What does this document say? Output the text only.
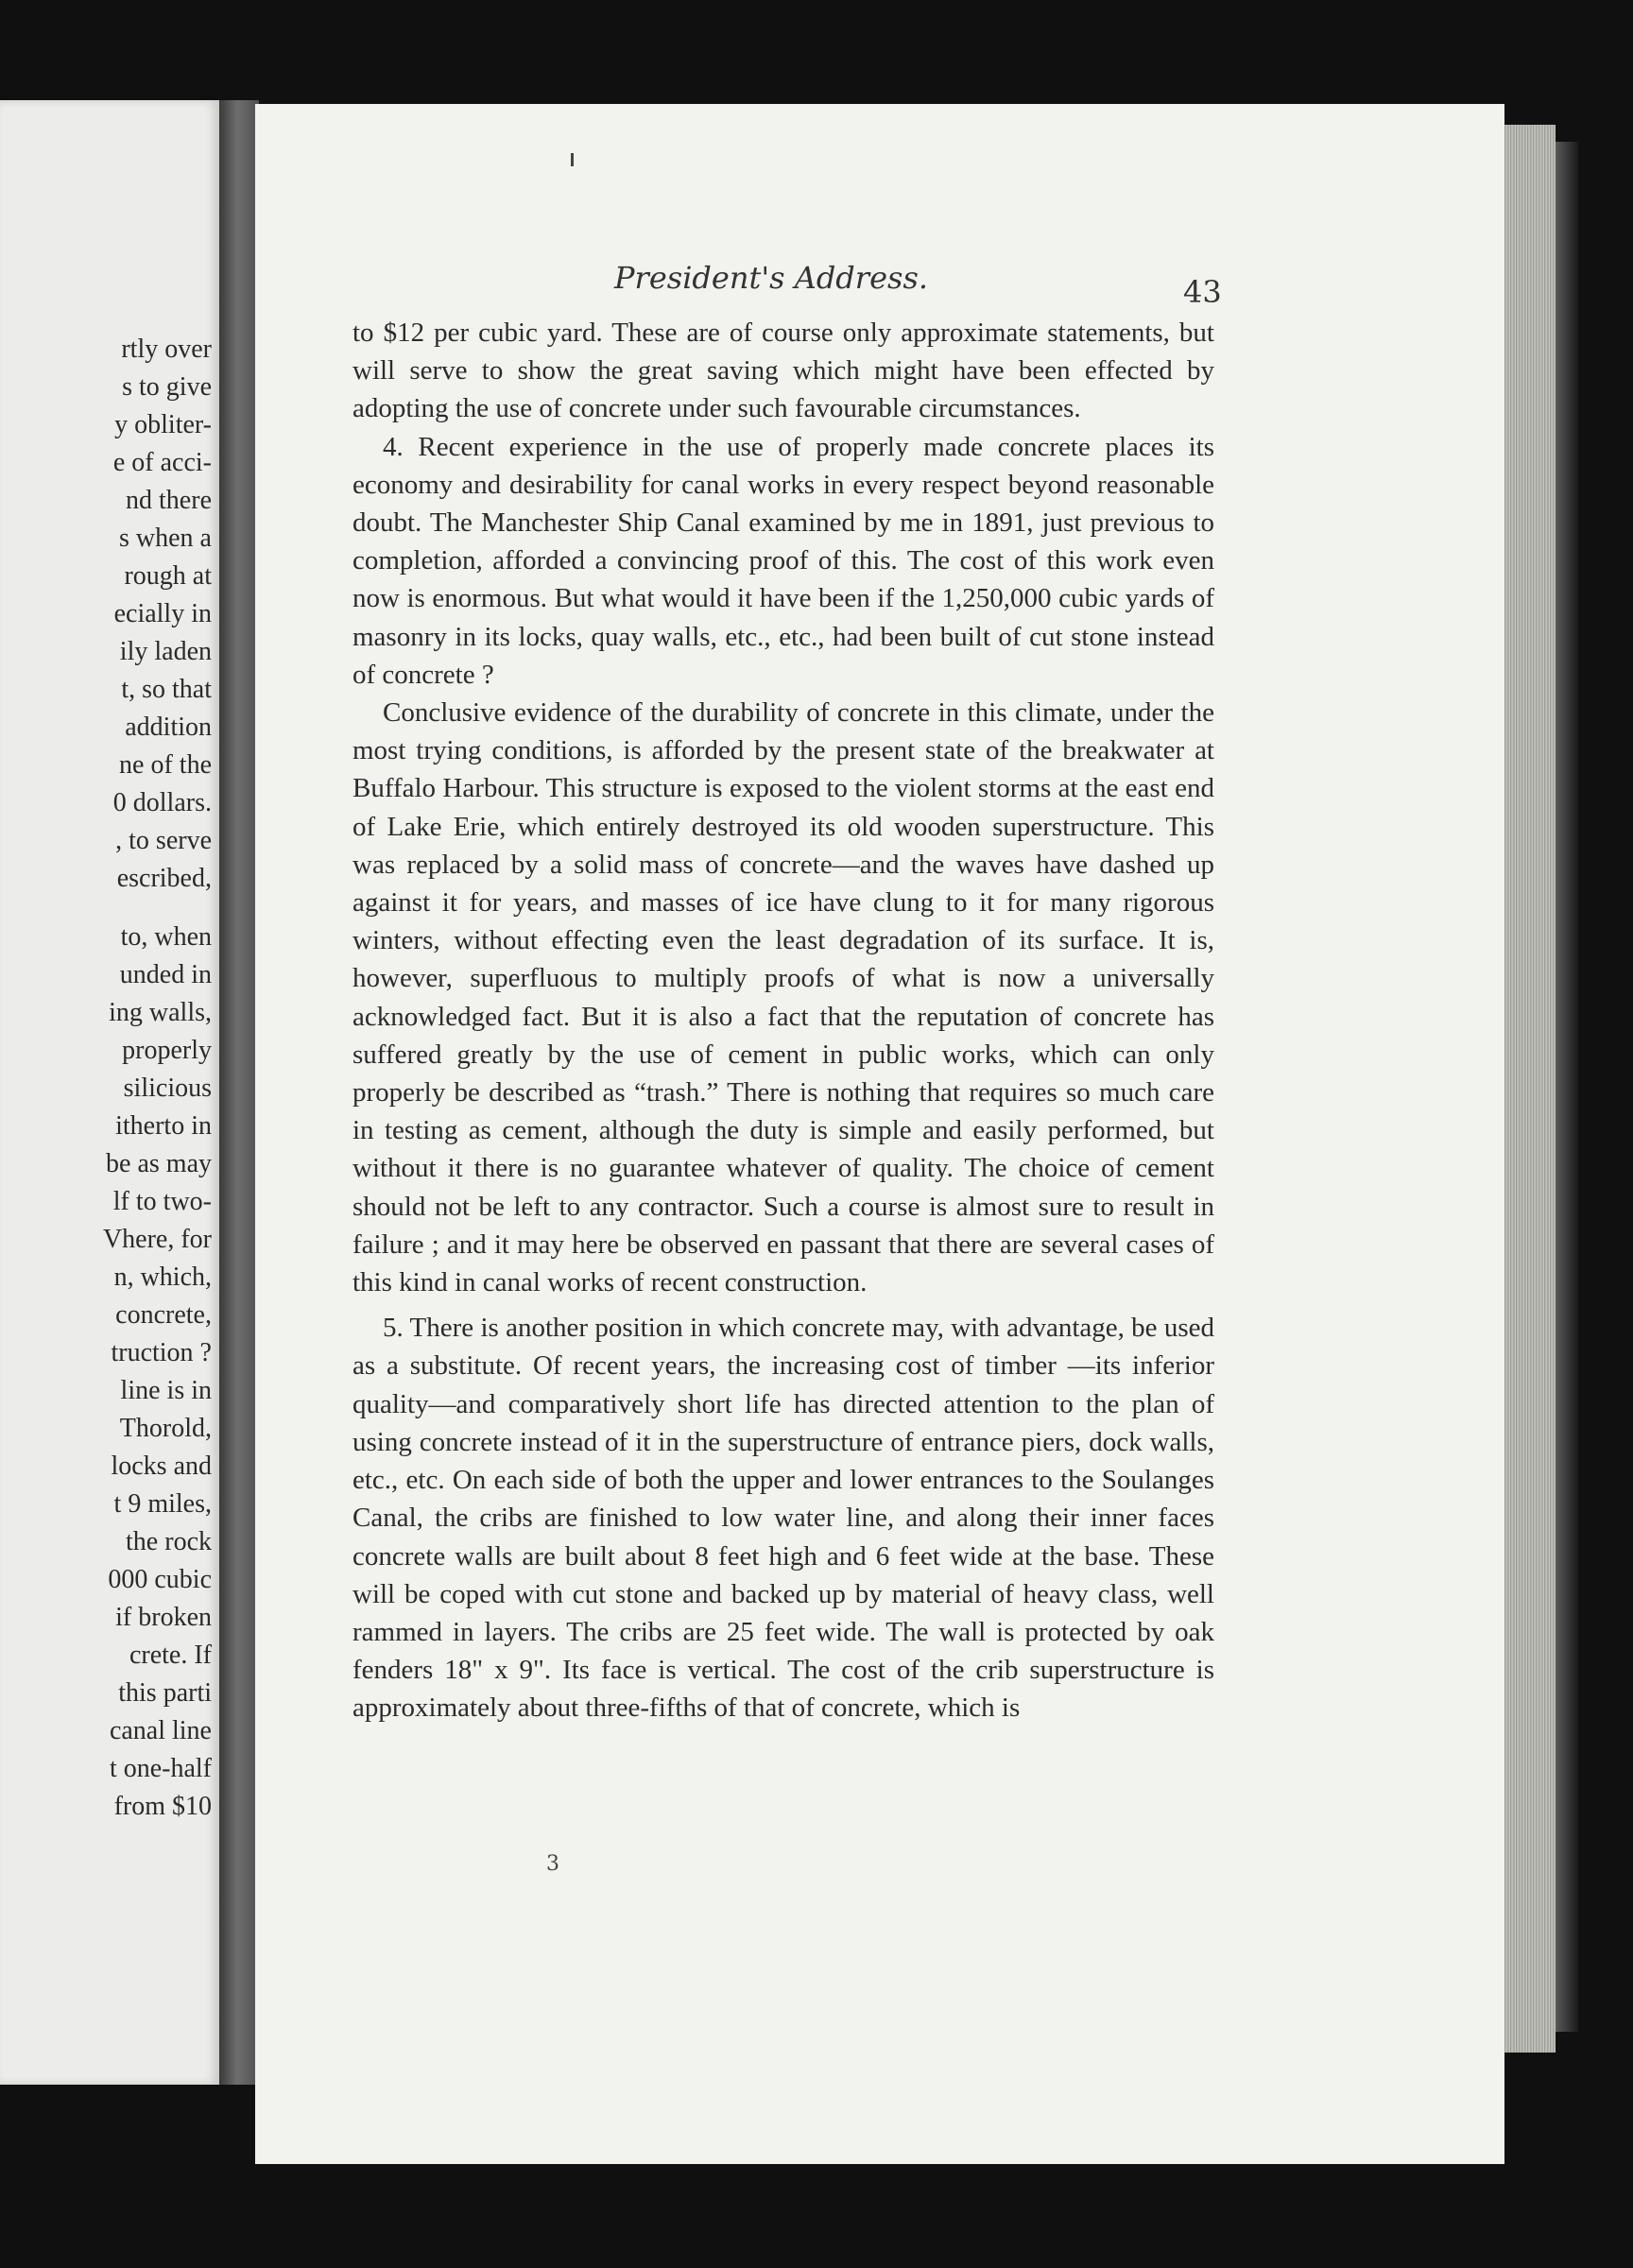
rtly over
s to give
y obliter-
e of acci-
nd there
s when a
rough at
ecially in
ily laden
t, so that
addition
ne of the
0 dollars.
, to serve
escribed,
to, when
unded in
ing walls,
properly
silicious
itherto in
be as may
lf to two-
Vhere, for
n, which,
concrete,
truction ?
line is in
Thorold,
locks and
t 9 miles,
the rock
000 cubic
if broken
crete. If
this parti
canal line
t one-half
from $10
President's Address.	43

to $12 per cubic yard. These are of course only approximate statements, but will serve to show the great saving which might have been effected by adopting the use of concrete under such favourable circumstances.

4. Recent experience in the use of properly made concrete places its economy and desirability for canal works in every respect beyond reasonable doubt. The Manchester Ship Canal examined by me in 1891, just previous to completion, afforded a convincing proof of this. The cost of this work even now is enormous. But what would it have been if the 1,250,000 cubic yards of masonry in its locks, quay walls, etc., etc., had been built of cut stone instead of concrete ?

Conclusive evidence of the durability of concrete in this climate, under the most trying conditions, is afforded by the present state of the breakwater at Buffalo Harbour. This structure is exposed to the violent storms at the east end of Lake Erie, which entirely destroyed its old wooden superstructure. This was replaced by a solid mass of concrete—and the waves have dashed up against it for years, and masses of ice have clung to it for many rigorous winters, without effecting even the least degradation of its surface. It is, however, superfluous to multiply proofs of what is now a universally acknowledged fact. But it is also a fact that the reputation of concrete has suffered greatly by the use of cement in public works, which can only properly be described as “trash.” There is nothing that requires so much care in testing as cement, although the duty is simple and easily performed, but without it there is no guarantee whatever of quality. The choice of cement should not be left to any contractor. Such a course is almost sure to result in failure ; and it may here be observed en passant that there are several cases of this kind in canal works of recent construction.

5. There is another position in which concrete may, with advantage, be used as a substitute. Of recent years, the increasing cost of timber —its inferior quality—and comparatively short life has directed attention to the plan of using concrete instead of it in the superstructure of entrance piers, dock walls, etc., etc. On each side of both the upper and lower entrances to the Soulanges Canal, the cribs are finished to low water line, and along their inner faces concrete walls are built about 8 feet high and 6 feet wide at the base. These will be coped with cut stone and backed up by material of heavy class, well rammed in layers. The cribs are 25 feet wide. The wall is protected by oak fenders 18" x 9". Its face is vertical. The cost of the crib superstructure is approximately about three-fifths of that of concrete, which is

3
